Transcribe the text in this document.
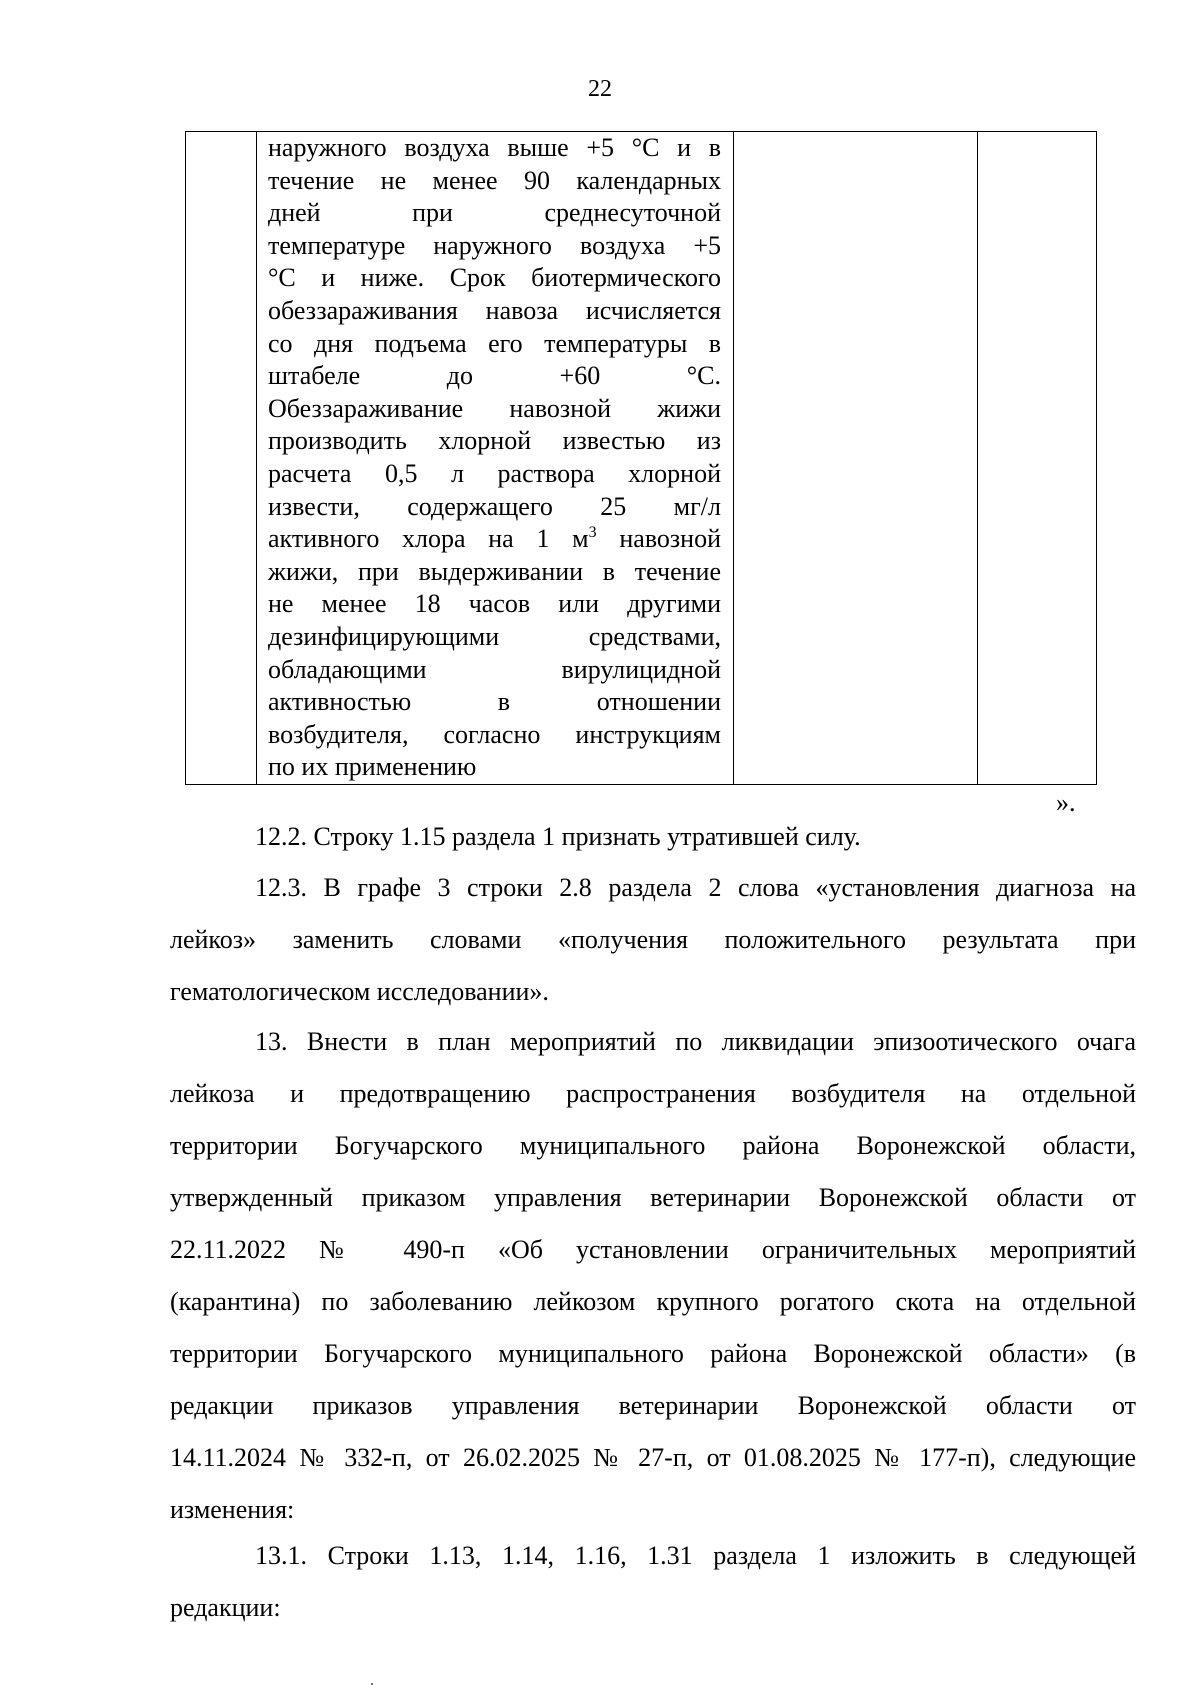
22

наружного воздуха выше +5 °С и в
течение не менее 90 календарных
дней при среднесуточной
температуре наружного воздуха +5
°С и ниже. Срок биотермического
обеззараживания навоза исчисляется
со дня подъема его температуры в
штабеле до +60 °С.
Обеззараживание навозной жижи
производить хлорной известью из
расчета 0,5 л раствора хлорной
извести, содержащего 25 мг/л
активного хлора на 1 $м^3$ навозной
жижи, при выдерживании в течение
не менее 18 часов или другими
дезинфицирующими средствами,
обладающими вирулицидной
активностью в отношении
возбудителя, согласно инструкциям
по их применению

».
12.2. Строку 1.15 раздела 1 признать утратившей силу.
12.3. В графе 3 строки 2.8 раздела 2 слова «установления диагноза на
лейкоз» заменить словами «получения положительного результата при
гематологическом исследовании».
13. Внести в план мероприятий по ликвидации эпизоотического очага
лейкоза и предотвращению распространения возбудителя на отдельной
территории Богучарского муниципального района Воронежской области,
утвержденный приказом управления ветеринарии Воронежской области от
22.11.2022 № 490-п «Об установлении ограничительных мероприятий
(карантина) по заболеванию лейкозом крупного рогатого скота на отдельной
территории Богучарского муниципального района Воронежской области» (в
редакции приказов управления ветеринарии Воронежской области от
14.11.2024 № 332-п, от 26.02.2025 № 27-п, от 01.08.2025 № 177-п), следующие
изменения:
13.1. Строки 1.13, 1.14, 1.16, 1.31 раздела 1 изложить в следующей
редакции:
